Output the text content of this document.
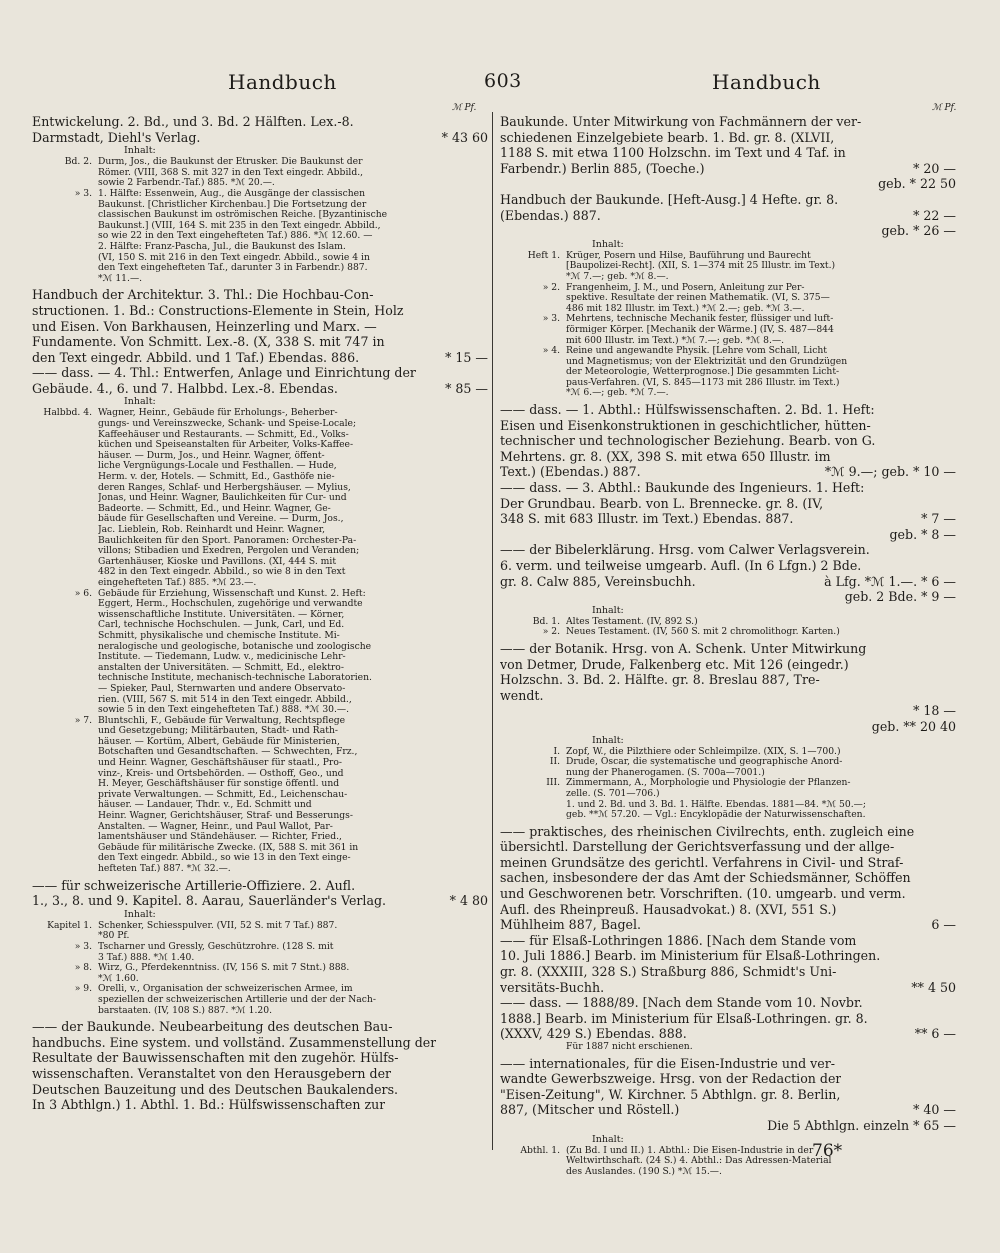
Handbuch	603	Handbuch
ℳ Pf.	ℳ Pf.
Entwickelung. 2. Bd., und 3. Bd. 2 Hälften. Lex.-8.
Darmstadt, Diehl's Verlag.	* 43 60
Inhalt:
Bd. 2. Durm, Jos., die Baukunst der Etrusker. Die Baukunst der
Römer. (VIII, 368 S. mit 327 in den Text eingedr. Abbild.,
sowie 2 Farbendr.-Taf.) 885. *ℳ 20.—.
» 3. 1. Hälfte: Essenwein, Aug., die Ausgänge der classischen
Baukunst. [Christlicher Kirchenbau.] Die Fortsetzung der
classischen Baukunst im oströmischen Reiche. [Byzantinische
Baukunst.] (VIII, 164 S. mit 235 in den Text eingedr. Abbild.,
so wie 22 in den Text eingehefteten Taf.) 886. *ℳ 12.60. —
2. Hälfte: Franz-Pascha, Jul., die Baukunst des Islam.
(VI, 150 S. mit 216 in den Text eingedr. Abbild., sowie 4 in
den Text eingehefteten Taf., darunter 3 in Farbendr.) 887.
*ℳ 11.—.
Handbuch der Architektur. 3. Thl.: Die Hochbau-Con-
structionen. 1. Bd.: Constructions-Elemente in Stein, Holz
und Eisen. Von Barkhausen, Heinzerling und Marx. —
Fundamente. Von Schmitt. Lex.-8. (X, 338 S. mit 747 in
den Text eingedr. Abbild. und 1 Taf.) Ebendas. 886.	* 15 —
—— dass. — 4. Thl.: Entwerfen, Anlage und Einrichtung der
Gebäude. 4., 6. und 7. Halbbd. Lex.-8. Ebendas.	* 85 —
Inhalt:
Halbbd. 4. Wagner, Heinr., Gebäude für Erholungs-, Beherber-
gungs- und Vereinszwecke, Schank- und Speise-Locale;
Kaffeehäuser und Restaurants. — Schmitt, Ed., Volks-
küchen und Speiseanstalten für Arbeiter, Volks-Kaffee-
häuser. — Durm, Jos., und Heinr. Wagner, öffent-
liche Vergnügungs-Locale und Festhallen. — Hude,
Herm. v. der, Hotels. — Schmitt, Ed., Gasthöfe nie-
deren Ranges, Schlaf- und Herbergshäuser. — Mylius,
Jonas, und Heinr. Wagner, Baulichkeiten für Cur- und
Badeorte. — Schmitt, Ed., und Heinr. Wagner, Ge-
bäude für Gesellschaften und Vereine. — Durm, Jos.,
Jac. Lieblein, Rob. Reinhardt und Heinr. Wagner,
Baulichkeiten für den Sport. Panoramen: Orchester-Pa-
villons; Stibadien und Exedren, Pergolen und Veranden;
Gartenhäuser, Kioske und Pavillons. (XI, 444 S. mit
482 in den Text eingedr. Abbild., so wie 8 in den Text
eingehefteten Taf.) 885. *ℳ 23.—.
» 6. Gebäude für Erziehung, Wissenschaft und Kunst. 2. Heft:
Eggert, Herm., Hochschulen, zugehörige und verwandte
wissenschaftliche Institute. Universitäten. — Körner,
Carl, technische Hochschulen. — Junk, Carl, und Ed.
Schmitt, physikalische und chemische Institute. Mi-
neralogische und geologische, botanische und zoologische
Institute. — Tiedemann, Ludw. v., medicinische Lehr-
anstalten der Universitäten. — Schmitt, Ed., elektro-
technische Institute, mechanisch-technische Laboratorien.
— Spieker, Paul, Sternwarten und andere Observato-
rien. (VIII, 567 S. mit 514 in den Text eingedr. Abbild.,
sowie 5 in den Text eingehefteten Taf.) 888. *ℳ 30.—.
» 7. Bluntschli, F., Gebäude für Verwaltung, Rechtspflege
und Gesetzgebung; Militärbauten, Stadt- und Rath-
häuser. — Kortüm, Albert, Gebäude für Ministerien,
Botschaften und Gesandtschaften. — Schwechten, Frz.,
und Heinr. Wagner, Geschäftshäuser für staatl., Pro-
vinz-, Kreis- und Ortsbehörden. — Osthoff, Geo., und
H. Meyer, Geschäftshäuser für sonstige öffentl. und
private Verwaltungen. — Schmitt, Ed., Leichenschau-
häuser. — Landauer, Thdr. v., Ed. Schmitt und
Heinr. Wagner, Gerichtshäuser, Straf- und Besserungs-
Anstalten. — Wagner, Heinr., und Paul Wallot, Par-
lamentshäuser und Ständehäuser. — Richter, Fried.,
Gebäude für militärische Zwecke. (IX, 588 S. mit 361 in
den Text eingedr. Abbild., so wie 13 in den Text einge-
hefteten Taf.) 887. *ℳ 32.—.
—— für schweizerische Artillerie-Offiziere. 2. Aufl.
1., 3., 8. und 9. Kapitel. 8. Aarau, Sauerländer's Verlag.	* 4 80
Inhalt:
Kapitel 1. Schenker, Schiesspulver. (VII, 52 S. mit 7 Taf.) 887.
*80 Pf.
» 3. Tscharner und Gressly, Geschützrohre. (128 S. mit
3 Taf.) 888. *ℳ 1.40.
» 8. Wirz, G., Pferdekenntniss. (IV, 156 S. mit 7 Stnt.) 888.
*ℳ 1.60.
» 9. Orelli, v., Organisation der schweizerischen Armee, im
speziellen der schweizerischen Artillerie und der der Nach-
barstaaten. (IV, 108 S.) 887. *ℳ 1.20.
—— der Baukunde. Neubearbeitung des deutschen Bau-
handbuchs. Eine system. und vollständ. Zusammenstellung der
Resultate der Bauwissenschaften mit den zugehör. Hülfs-
wissenschaften. Veranstaltet von den Herausgebern der
Deutschen Bauzeitung und des Deutschen Baukalenders.
In 3 Abthlgn.) 1. Abthl. 1. Bd.: Hülfswissenschaften zur
Baukunde. Unter Mitwirkung von Fachmännern der ver-
schiedenen Einzelgebiete bearb. 1. Bd. gr. 8. (XLVII,
1188 S. mit etwa 1100 Holzschn. im Text und 4 Taf. in
Farbendr.) Berlin 885, (Toeche.)	* 20 —
geb. * 22 50
Handbuch der Baukunde. [Heft-Ausg.] 4 Hefte. gr. 8.
(Ebendas.) 887.	* 22 —
geb. * 26 —
Inhalt:
Heft 1. Krüger, Posern und Hilse, Bauführung und Baurecht
[Baupolizei-Recht]. (XII, S. 1—374 mit 25 Illustr. im Text.)
*ℳ 7.—; geb. *ℳ 8.—.
» 2. Frangenheim, J. M., und Posern, Anleitung zur Per-
spektive. Resultate der reinen Mathematik. (VI, S. 375—
486 mit 182 Illustr. im Text.) *ℳ 2.—; geb. *ℳ 3.—.
» 3. Mehrtens, technische Mechanik fester, flüssiger und luft-
förmiger Körper. [Mechanik der Wärme.] (IV, S. 487—844
mit 600 Illustr. im Text.) *ℳ 7.—; geb. *ℳ 8.—.
» 4. Reine und angewandte Physik. [Lehre vom Schall, Licht
und Magnetismus; von der Elektrizität und den Grundzügen
der Meteorologie, Wetterprognose.] Die gesammten Licht-
paus-Verfahren. (VI, S. 845—1173 mit 286 Illustr. im Text.)
*ℳ 6.—; geb. *ℳ 7.—.
—— dass. — 1. Abthl.: Hülfswissenschaften. 2. Bd. 1. Heft:
Eisen und Eisenkonstruktionen in geschichtlicher, hütten-
technischer und technologischer Beziehung. Bearb. von G.
Mehrtens. gr. 8. (XX, 398 S. mit etwa 650 Illustr. im
Text.) (Ebendas.) 887.	*ℳ 9.—; geb. * 10 —
—— dass. — 3. Abthl.: Baukunde des Ingenieurs. 1. Heft:
Der Grundbau. Bearb. von L. Brennecke. gr. 8. (IV,
348 S. mit 683 Illustr. im Text.) Ebendas. 887.	* 7 —
geb. * 8 —
—— der Bibelerklärung. Hrsg. vom Calwer Verlagsverein.
6. verm. und teilweise umgearb. Aufl. (In 6 Lfgn.) 2 Bde.
gr. 8. Calw 885, Vereinsbuchh.	à Lfg. *ℳ 1.—. * 6 —
geb. 2 Bde. * 9 —
Inhalt:
Bd. 1. Altes Testament. (IV, 892 S.)
» 2. Neues Testament. (IV, 560 S. mit 2 chromolithogr. Karten.)
—— der Botanik. Hrsg. von A. Schenk. Unter Mitwirkung
von Detmer, Drude, Falkenberg etc. Mit 126 (eingedr.)
Holzschn. 3. Bd. 2. Hälfte. gr. 8. Breslau 887, Tre-
wendt.
* 18 —
geb. ** 20 40
Inhalt:
I. Zopf, W., die Pilzthiere oder Schleimpilze. (XIX, S. 1—700.)
II. Drude, Oscar, die systematische und geographische Anord-
nung der Phanerogamen. (S. 700a—7001.)
III. Zimmermann, A., Morphologie und Physiologie der Pflanzen-
zelle. (S. 701—706.)
1. und 2. Bd. und 3. Bd. 1. Hälfte. Ebendas. 1881—84. *ℳ 50.—;
geb. **ℳ 57.20. — Vgl.: Encyklopädie der Naturwissenschaften.
—— praktisches, des rheinischen Civilrechts, enth. zugleich eine
übersichtl. Darstellung der Gerichtsverfassung und der allge-
meinen Grundsätze des gerichtl. Verfahrens in Civil- und Straf-
sachen, insbesondere der das Amt der Schiedsmänner, Schöffen
und Geschworenen betr. Vorschriften. (10. umgearb. und verm.
Aufl. des Rheinpreuß. Hausadvokat.) 8. (XVI, 551 S.)
Mühlheim 887, Bagel.	6 —
—— für Elsaß-Lothringen 1886. [Nach dem Stande vom
10. Juli 1886.] Bearb. im Ministerium für Elsaß-Lothringen.
gr. 8. (XXXIII, 328 S.) Straßburg 886, Schmidt's Uni-
versitäts-Buchh.	** 4 50
—— dass. — 1888/89. [Nach dem Stande vom 10. Novbr.
1888.] Bearb. im Ministerium für Elsaß-Lothringen. gr. 8.
(XXXV, 429 S.) Ebendas. 888.	** 6 —
Für 1887 nicht erschienen.
—— internationales, für die Eisen-Industrie und ver-
wandte Gewerbszweige. Hrsg. von der Redaction der
"Eisen-Zeitung", W. Kirchner. 5 Abthlgn. gr. 8. Berlin,
887, (Mitscher und Röstell.)	* 40 —
Die 5 Abthlgn. einzeln * 65 —
Inhalt:
Abthl. 1. (Zu Bd. I und II.) 1. Abthl.: Die Eisen-Industrie in der
Weltwirthschaft. (24 S.) 4. Abthl.: Das Adressen-Material
des Auslandes. (190 S.) *ℳ 15.—.
76*
